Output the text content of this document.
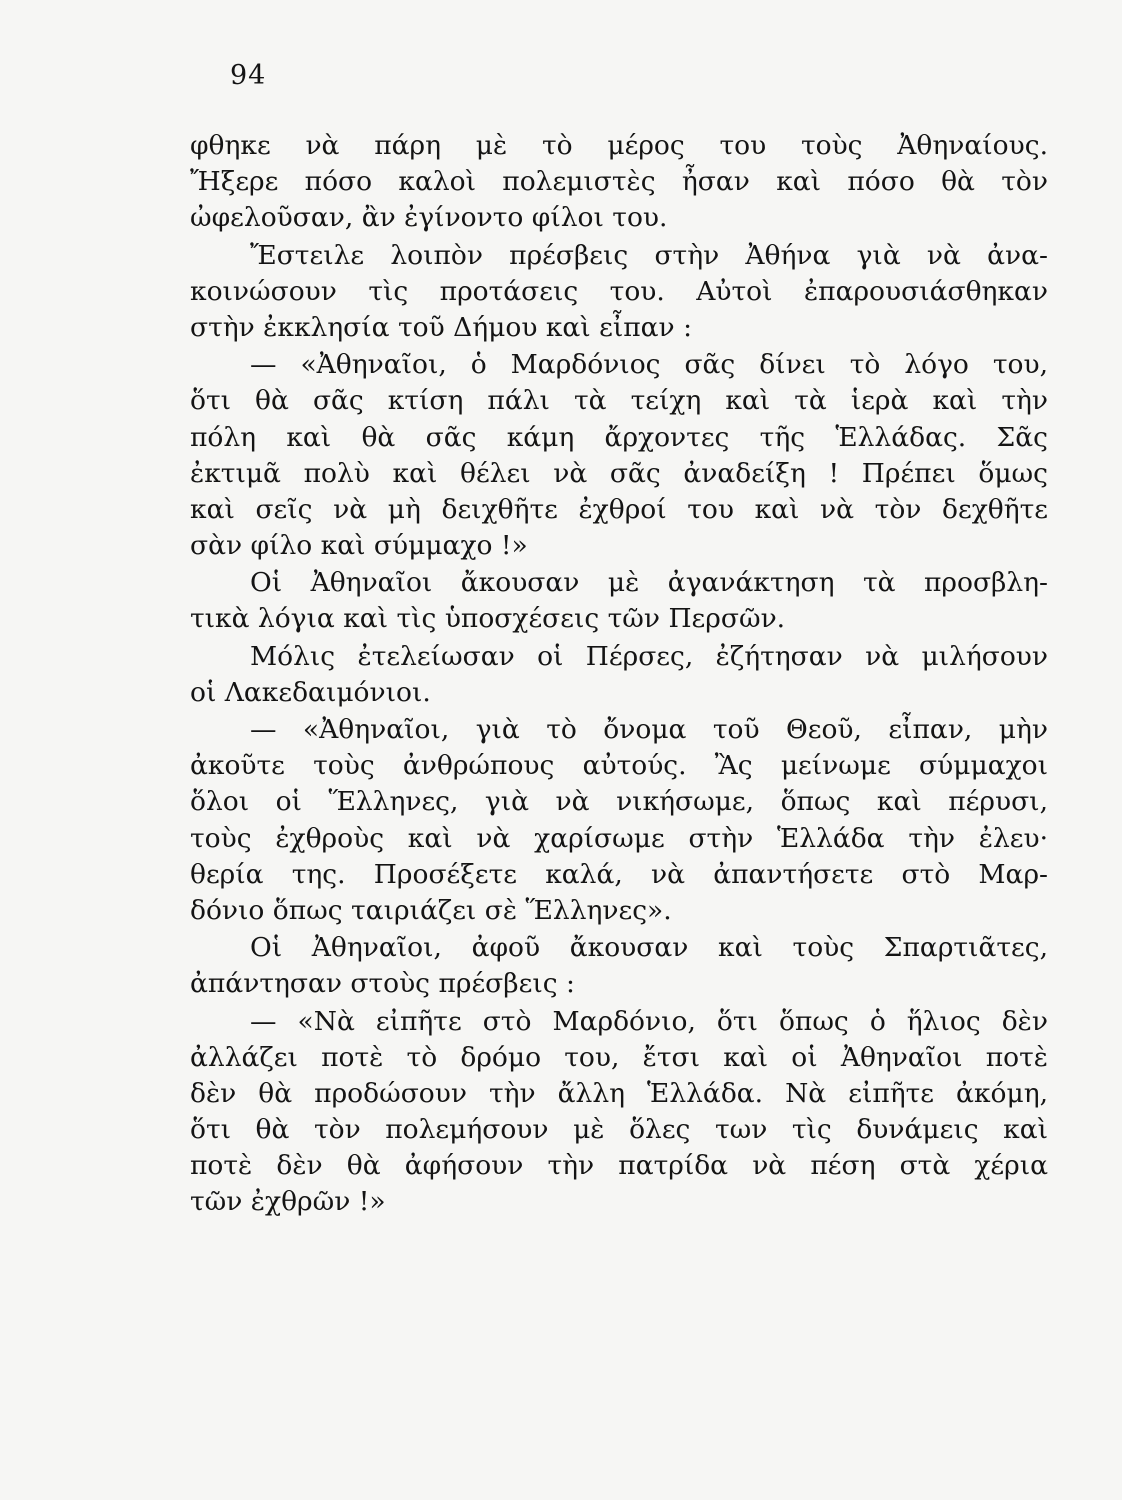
94
φθηκε νὰ πάρη μὲ τὸ μέρος του τοὺς Ἀθηναίους.
Ἤξερε πόσο καλοὶ πολεμιστὲς ἦσαν καὶ πόσο θὰ τὸν
ὠφελοῦσαν, ἂν ἐγίνοντο φίλοι του.
Ἔστειλε λοιπὸν πρέσβεις στὴν Ἀθήνα γιὰ νὰ ἀνα-
κοινώσουν τὶς προτάσεις του. Αὐτοὶ ἐπαρουσιάσθηκαν
στὴν ἐκκλησία τοῦ Δήμου καὶ εἶπαν :
— «Ἀθηναῖοι, ὁ Μαρδόνιος σᾶς δίνει τὸ λόγο του,
ὅτι θὰ σᾶς κτίση πάλι τὰ τείχη καὶ τὰ ἱερὰ καὶ τὴν
πόλη καὶ θὰ σᾶς κάμη ἄρχοντες τῆς Ἑλλάδας. Σᾶς
ἐκτιμᾶ πολὺ καὶ θέλει νὰ σᾶς ἀναδείξη ! Πρέπει ὅμως
καὶ σεῖς νὰ μὴ δειχθῆτε ἐχθροί του καὶ νὰ τὸν δεχθῆτε
σὰν φίλο καὶ σύμμαχο !»
Οἱ Ἀθηναῖοι ἄκουσαν μὲ ἀγανάκτηση τὰ προσβλη-
τικὰ λόγια καὶ τὶς ὑποσχέσεις τῶν Περσῶν.
Μόλις ἐτελείωσαν οἱ Πέρσες, ἐζήτησαν νὰ μιλήσουν
οἱ Λακεδαιμόνιοι.
— «Ἀθηναῖοι, γιὰ τὸ ὄνομα τοῦ Θεοῦ, εἶπαν, μὴν
ἀκοῦτε τοὺς ἀνθρώπους αὐτούς. Ἂς μείνωμε σύμμαχοι
ὅλοι οἱ Ἕλληνες, γιὰ νὰ νικήσωμε, ὅπως καὶ πέρυσι,
τοὺς ἐχθροὺς καὶ νὰ χαρίσωμε στὴν Ἑλλάδα τὴν ἐλευ·
θερία της. Προσέξετε καλά, νὰ ἀπαντήσετε στὸ Μαρ-
δόνιο ὅπως ταιριάζει σὲ Ἕλληνες».
Οἱ Ἀθηναῖοι, ἀφοῦ ἄκουσαν καὶ τοὺς Σπαρτιᾶτες,
ἀπάντησαν στοὺς πρέσβεις :
— «Νὰ εἰπῆτε στὸ Μαρδόνιο, ὅτι ὅπως ὁ ἥλιος δὲν
ἀλλάζει ποτὲ τὸ δρόμο του, ἔτσι καὶ οἱ Ἀθηναῖοι ποτὲ
δὲν θὰ προδώσουν τὴν ἄλλη Ἑλλάδα. Νὰ εἰπῆτε ἀκόμη,
ὅτι θὰ τὸν πολεμήσουν μὲ ὅλες των τὶς δυνάμεις καὶ
ποτὲ δὲν θὰ ἀφήσουν τὴν πατρίδα νὰ πέση στὰ χέρια
τῶν ἐχθρῶν !»
